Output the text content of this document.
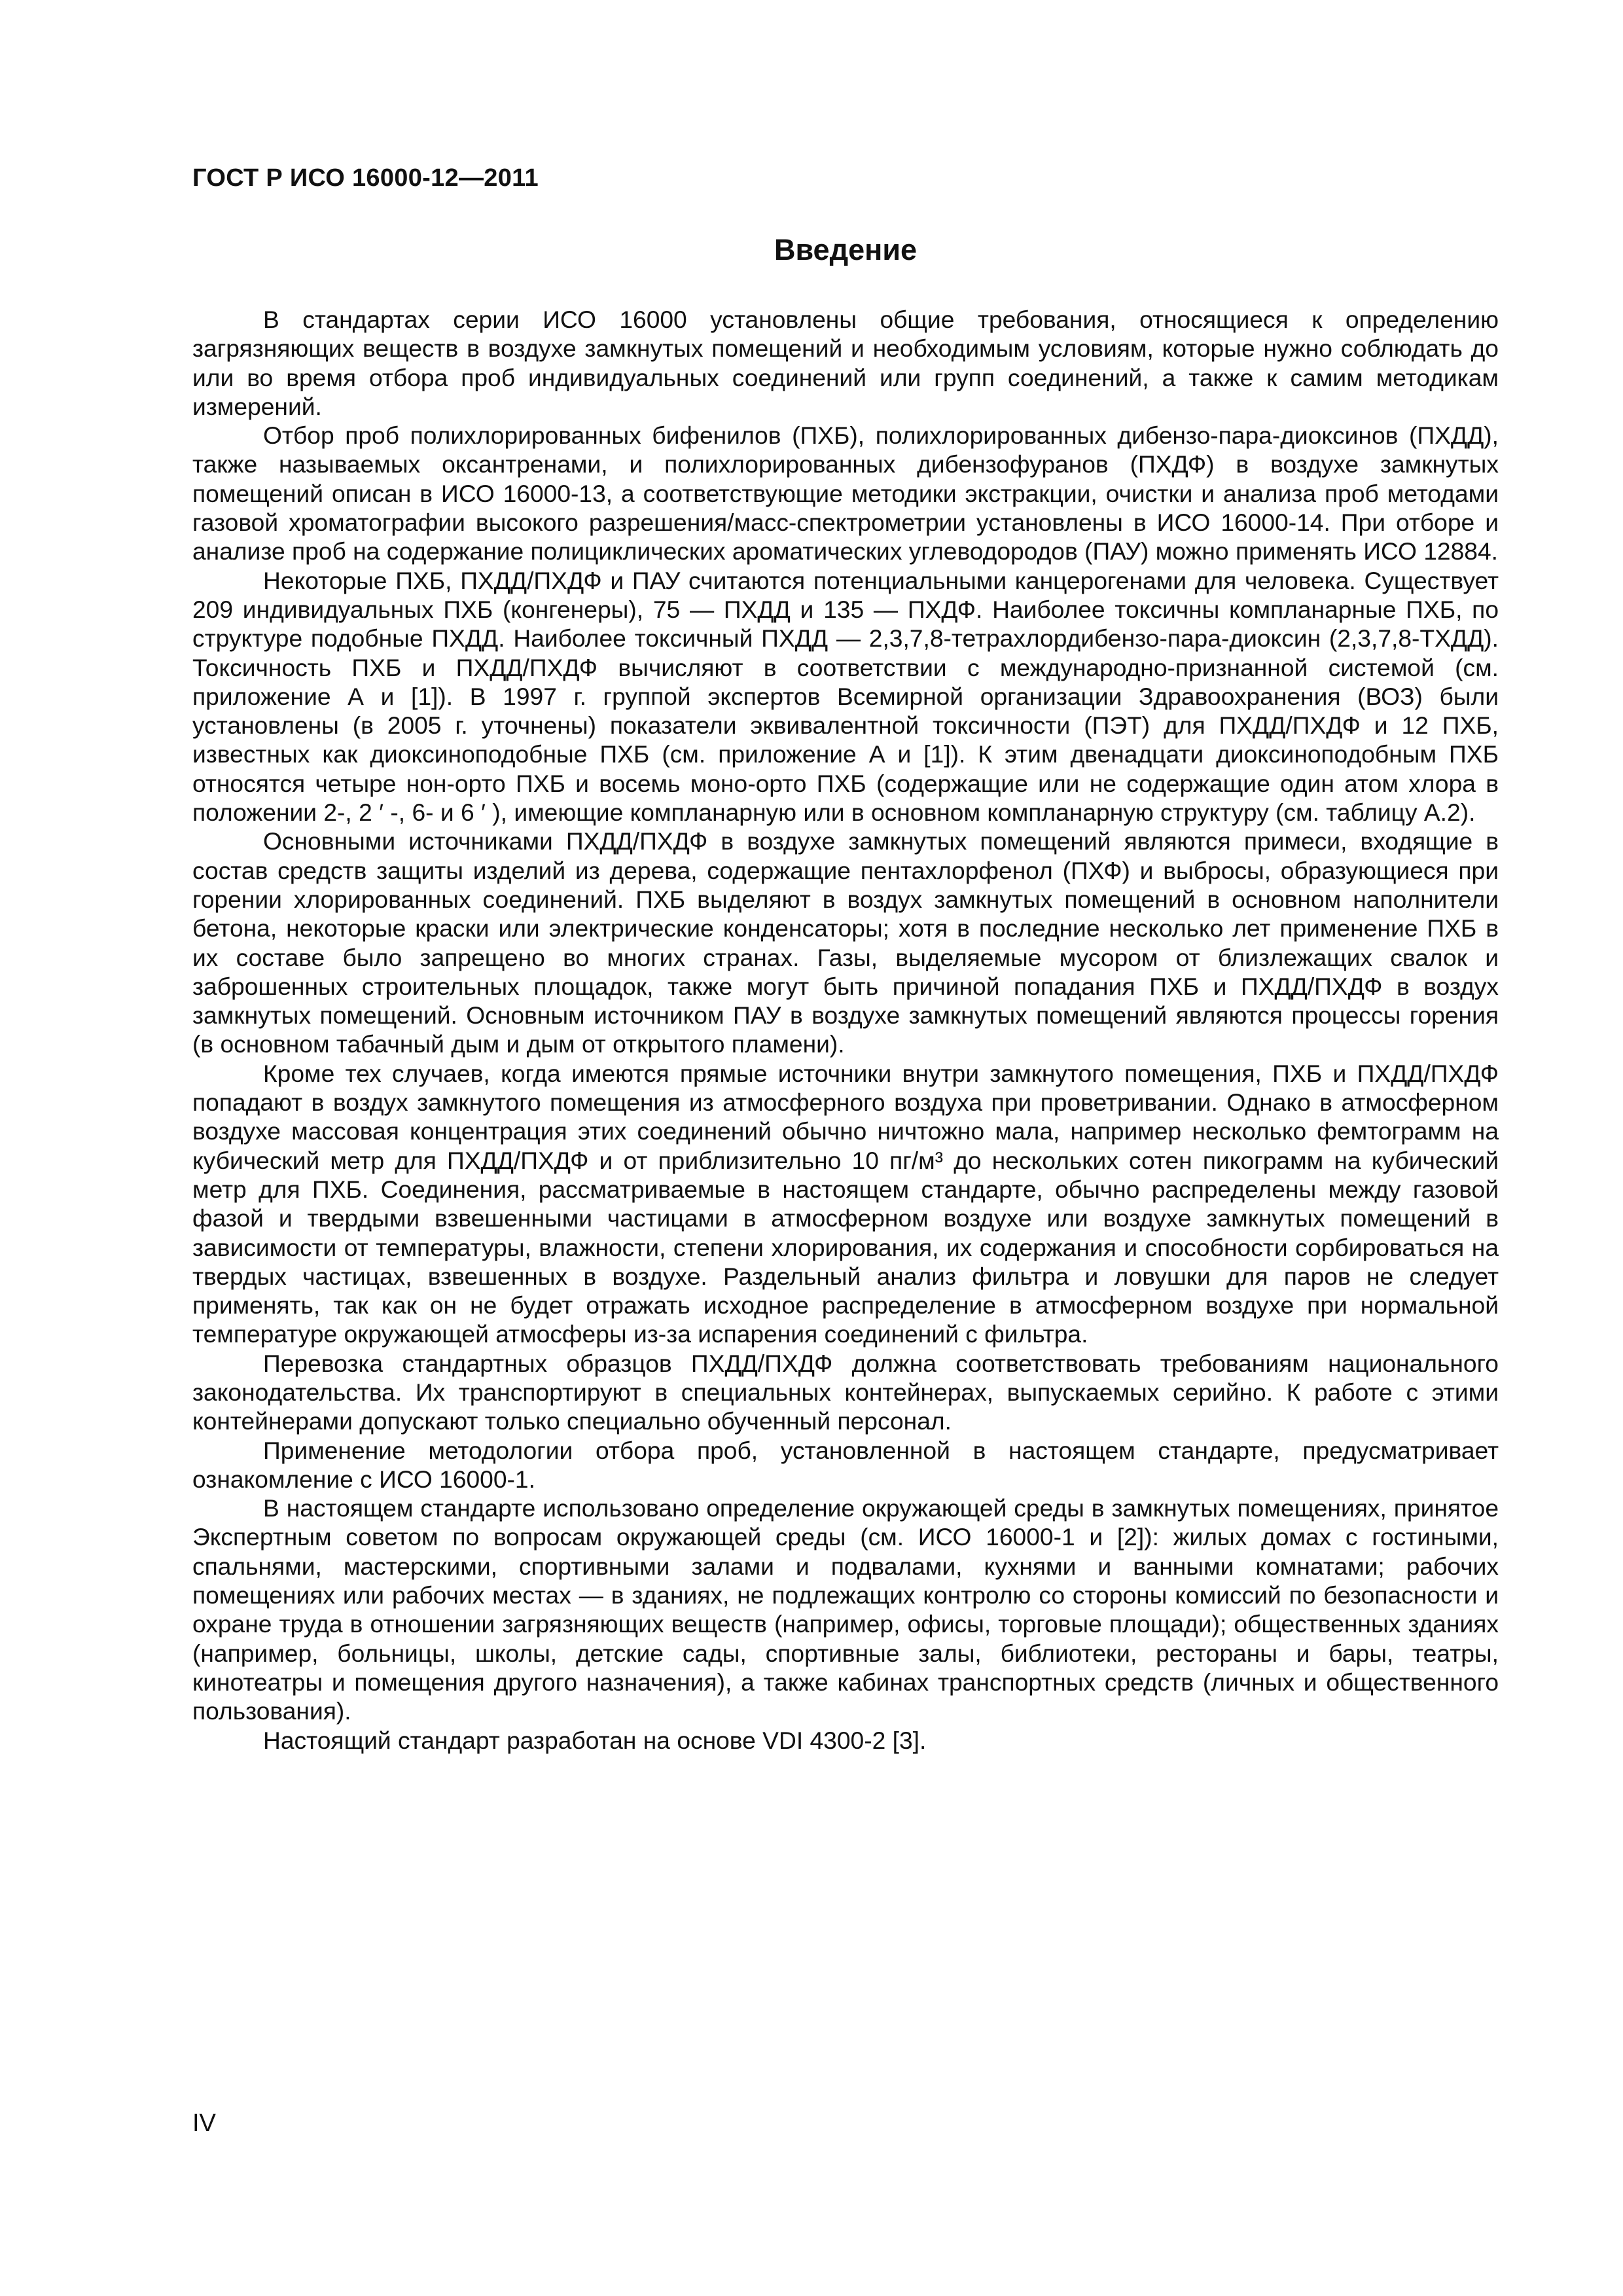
ГОСТ Р ИСО 16000-12—2011
Введение

В стандартах серии ИСО 16000 установлены общие требования, относящиеся к определению загрязняющих веществ в воздухе замкнутых помещений и необходимым условиям, которые нужно соблюдать до или во время отбора проб индивидуальных соединений или групп соединений, а также к самим методикам измерений.

Отбор проб полихлорированных бифенилов (ПХБ), полихлорированных дибензо-пара-диоксинов (ПХДД), также называемых оксантренами, и полихлорированных дибензофуранов (ПХДФ) в воздухе замкнутых помещений описан в ИСО 16000-13, а соответствующие методики экстракции, очистки и анализа проб методами газовой хроматографии высокого разрешения/масс-спектрометрии установлены в ИСО 16000-14. При отборе и анализе проб на содержание полициклических ароматических углеводородов (ПАУ) можно применять ИСО 12884.

Некоторые ПХБ, ПХДД/ПХДФ и ПАУ считаются потенциальными канцерогенами для человека. Существует 209 индивидуальных ПХБ (конгенеры), 75 — ПХДД и 135 — ПХДФ. Наиболее токсичны компланарные ПХБ, по структуре подобные ПХДД. Наиболее токсичный ПХДД — 2,3,7,8-тетрахлордибензо-пара-диоксин (2,3,7,8-ТХДД). Токсичность ПХБ и ПХДД/ПХДФ вычисляют в соответствии с международно-признанной системой (см. приложение А и [1]). В 1997 г. группой экспертов Всемирной организации Здравоохранения (ВОЗ) были установлены (в 2005 г. уточнены) показатели эквивалентной токсичности (ПЭТ) для ПХДД/ПХДФ и 12 ПХБ, известных как диоксиноподобные ПХБ (см. приложение А и [1]). К этим двенадцати диоксиноподобным ПХБ относятся четыре нон-орто ПХБ и восемь моно-орто ПХБ (содержащие или не содержащие один атом хлора в положении 2-, 2 ′ -, 6- и 6 ′ ), имеющие компланарную или в основном компланарную структуру (см. таблицу А.2).

Основными источниками ПХДД/ПХДФ в воздухе замкнутых помещений являются примеси, входящие в состав средств защиты изделий из дерева, содержащие пентахлорфенол (ПХФ) и выбросы, образующиеся при горении хлорированных соединений. ПХБ выделяют в воздух замкнутых помещений в основном наполнители бетона, некоторые краски или электрические конденсаторы; хотя в последние несколько лет применение ПХБ в их составе было запрещено во многих странах. Газы, выделяемые мусором от близлежащих свалок и заброшенных строительных площадок, также могут быть причиной попадания ПХБ и ПХДД/ПХДФ в воздух замкнутых помещений. Основным источником ПАУ в воздухе замкнутых помещений являются процессы горения (в основном табачный дым и дым от открытого пламени).

Кроме тех случаев, когда имеются прямые источники внутри замкнутого помещения, ПХБ и ПХДД/ПХДФ попадают в воздух замкнутого помещения из атмосферного воздуха при проветривании. Однако в атмосферном воздухе массовая концентрация этих соединений обычно ничтожно мала, например несколько фемтограмм на кубический метр для ПХДД/ПХДФ и от приблизительно 10 пг/м³ до нескольких сотен пикограмм на кубический метр для ПХБ. Соединения, рассматриваемые в настоящем стандарте, обычно распределены между газовой фазой и твердыми взвешенными частицами в атмосферном воздухе или воздухе замкнутых помещений в зависимости от температуры, влажности, степени хлорирования, их содержания и способности сорбироваться на твердых частицах, взвешенных в воздухе. Раздельный анализ фильтра и ловушки для паров не следует применять, так как он не будет отражать исходное распределение в атмосферном воздухе при нормальной температуре окружающей атмосферы из-за испарения соединений с фильтра.

Перевозка стандартных образцов ПХДД/ПХДФ должна соответствовать требованиям национального законодательства. Их транспортируют в специальных контейнерах, выпускаемых серийно. К работе с этими контейнерами допускают только специально обученный персонал.

Применение методологии отбора проб, установленной в настоящем стандарте, предусматривает ознакомление с ИСО 16000-1.

В настоящем стандарте использовано определение окружающей среды в замкнутых помещениях, принятое Экспертным советом по вопросам окружающей среды (см. ИСО 16000-1 и [2]): жилых домах с гостиными, спальнями, мастерскими, спортивными залами и подвалами, кухнями и ванными комнатами; рабочих помещениях или рабочих местах — в зданиях, не подлежащих контролю со стороны комиссий по безопасности и охране труда в отношении загрязняющих веществ (например, офисы, торговые площади); общественных зданиях (например, больницы, школы, детские сады, спортивные залы, библиотеки, рестораны и бары, театры, кинотеатры и помещения другого назначения), а также кабинах транспортных средств (личных и общественного пользования).

Настоящий стандарт разработан на основе VDI 4300-2 [3].

IV
